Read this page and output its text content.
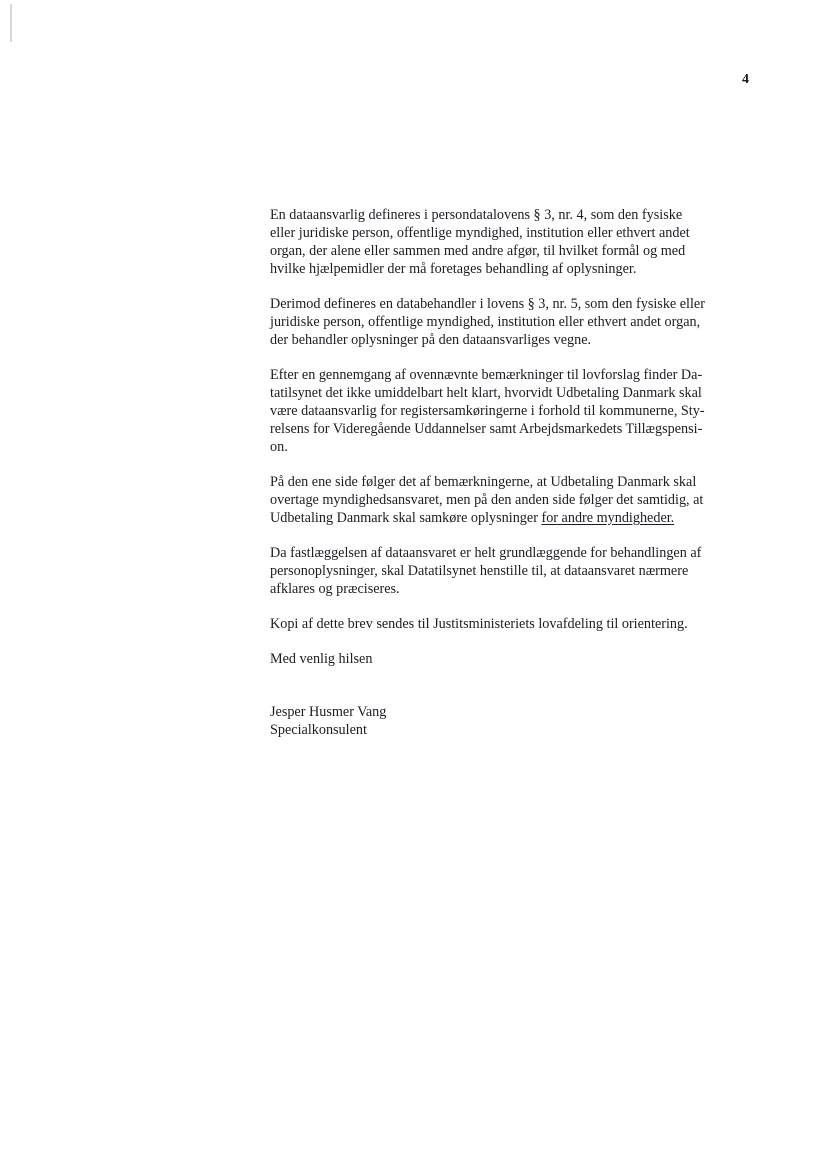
4

En dataansvarlig defineres i persondatalovens § 3, nr. 4, som den fysiske
eller juridiske person, offentlige myndighed, institution eller ethvert andet
organ, der alene eller sammen med andre afgør, til hvilket formål og med
hvilke hjælpemidler der må foretages behandling af oplysninger.

Derimod defineres en databehandler i lovens § 3, nr. 5, som den fysiske eller
juridiske person, offentlige myndighed, institution eller ethvert andet organ,
der behandler oplysninger på den dataansvarliges vegne.

Efter en gennemgang af ovennævnte bemærkninger til lovforslag finder Da-
tatilsynet det ikke umiddelbart helt klart, hvorvidt Udbetaling Danmark skal
være dataansvarlig for registersamkøringerne i forhold til kommunerne, Sty-
relsens for Videregående Uddannelser samt Arbejdsmarkedets Tillægspensi-
on.

På den ene side følger det af bemærkningerne, at Udbetaling Danmark skal
overtage myndighedsansvaret, men på den anden side følger det samtidig, at
Udbetaling Danmark skal samkøre oplysninger for andre myndigheder.

Da fastlæggelsen af dataansvaret er helt grundlæggende for behandlingen af
personoplysninger, skal Datatilsynet henstille til, at dataansvaret nærmere
afklares og præciseres.

Kopi af dette brev sendes til Justitsministeriets lovafdeling til orientering.

Med venlig hilsen

Jesper Husmer Vang
Specialkonsulent
